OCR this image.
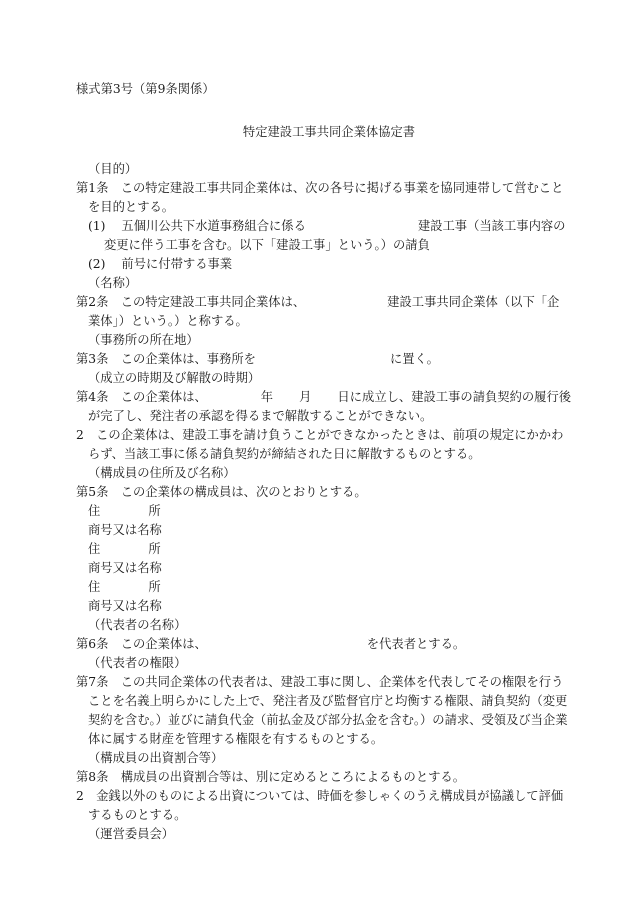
様式第3号（第9条関係）
特定建設工事共同企業体協定書
（目的）
第1条　この特定建設工事共同企業体は、次の各号に掲げる事業を協同連帯して営むこと
を目的とする。
(1) 五個川公共下水道事務組合に係る	建設工事（当該工事内容の
変更に伴う工事を含む。以下「建設工事」という。）の請負
(2) 前号に付帯する事業
（名称）
第2条　この特定建設工事共同企業体は、	建設工事共同企業体（以下「企
業体」）という。）と称する。
（事務所の所在地）
第3条　この企業体は、事務所を	に置く。
（成立の時期及び解散の時期）
第4条　この企業体は、	年 月 日に成立し、建設工事の請負契約の履行後
が完了し、発注者の承認を得るまで解散することができない。
2　この企業体は、建設工事を請け負うことができなかったときは、前項の規定にかかわ
らず、当該工事に係る請負契約が締結された日に解散するものとする。
（構成員の住所及び名称）
第5条　この企業体の構成員は、次のとおりとする。
住	所
商号又は名称
住	所
商号又は名称
住	所
商号又は名称
（代表者の名称）
第6条　この企業体は、	を代表者とする。
（代表者の権限）
第7条　この共同企業体の代表者は、建設工事に関し、企業体を代表してその権限を行う
ことを名義上明らかにした上で、発注者及び監督官庁と均衡する権限、請負契約（変更
契約を含む。）並びに請負代金（前払金及び部分払金を含む。）の請求、受領及び当企業
体に属する財産を管理する権限を有するものとする。
（構成員の出資割合等）
第8条　構成員の出資割合等は、別に定めるところによるものとする。
2　金銭以外のものによる出資については、時価を参しゃくのうえ構成員が協議して評価
するものとする。
（運営委員会）
